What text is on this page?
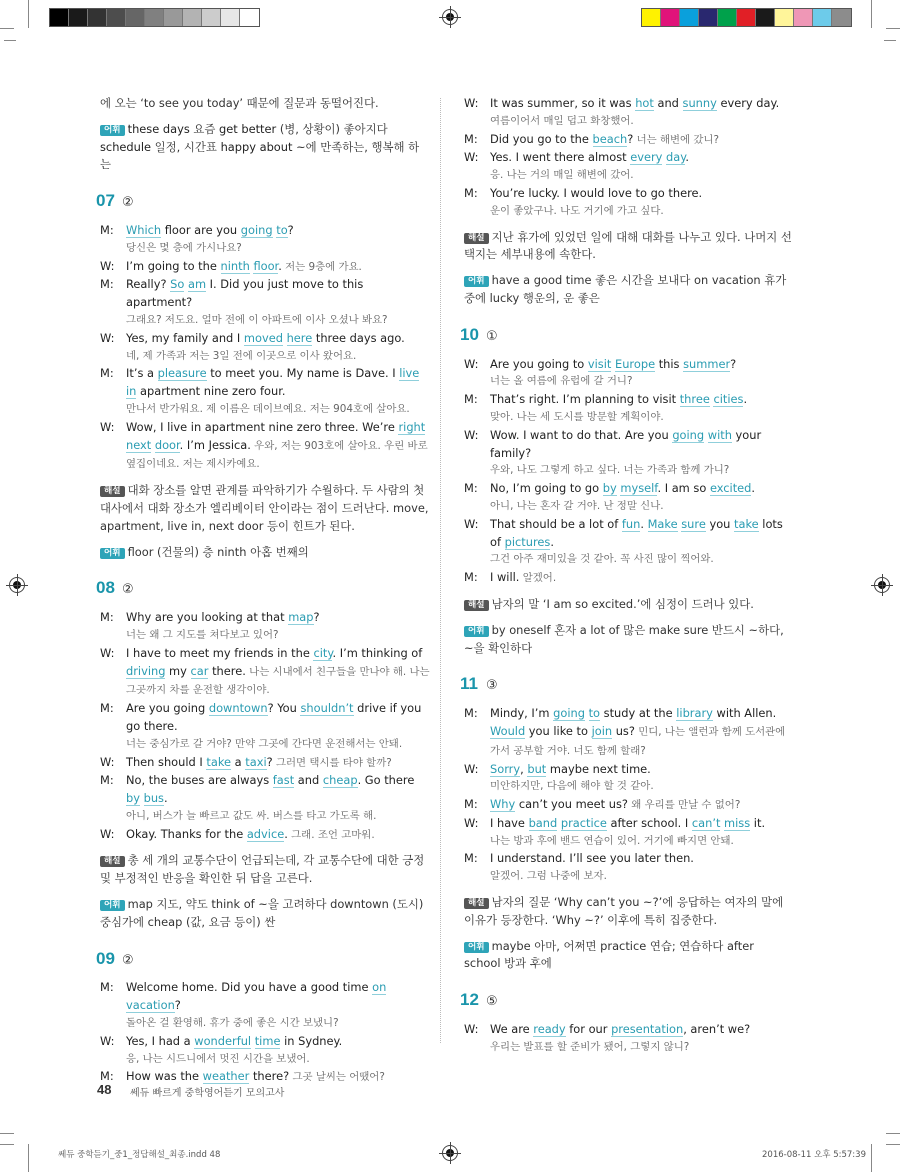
에 오는 ‘to see you today’ 때문에 질문과 동떨어진다.
어휘 these days 요즘 get better (병, 상황이) 좋아지다 schedule 일정, 시간표 happy about ~에 만족하는, 행복해 하는
07 ②
M: Which floor are you going to?
당신은 몇 층에 가시나요?
W: I’m going to the ninth floor. 저는 9층에 가요.
M: Really? So am I. Did you just move to this apartment?
그래요? 저도요. 얼마 전에 이 아파트에 이사 오셨나 봐요?
W: Yes, my family and I moved here three days ago.
네, 제 가족과 저는 3일 전에 이곳으로 이사 왔어요.
M: It’s a pleasure to meet you. My name is Dave. I live in apartment nine zero four.
만나서 반가워요. 제 이름은 데이브예요. 저는 904호에 살아요.
W: Wow, I live in apartment nine zero three. We’re right next door. I’m Jessica. 우와, 저는 903호에 살아요. 우린 바로 옆집이네요. 저는 제시카예요.
해설 대화 장소를 알면 관계를 파악하기가 수월하다. 두 사람의 첫 대사에서 대화 장소가 엘리베이터 안이라는 점이 드러난다. move, apartment, live in, next door 등이 힌트가 된다.
어휘 floor (건물의) 층 ninth 아홉 번째의
08 ②
M: Why are you looking at that map?
너는 왜 그 지도를 쳐다보고 있어?
W: I have to meet my friends in the city. I’m thinking of driving my car there. 나는 시내에서 친구들을 만나야 해. 나는 그곳까지 차를 운전할 생각이야.
M: Are you going downtown? You shouldn’t drive if you go there.
너는 중심가로 갈 거야? 만약 그곳에 간다면 운전해서는 안돼.
W: Then should I take a taxi? 그러면 택시를 타야 할까?
M: No, the buses are always fast and cheap. Go there by bus.
아니, 버스가 늘 빠르고 값도 싸. 버스를 타고 가도록 해.
W: Okay. Thanks for the advice. 그래. 조언 고마워.
해설 총 세 개의 교통수단이 언급되는데, 각 교통수단에 대한 긍정 및 부정적인 반응을 확인한 뒤 답을 고른다.
어휘 map 지도, 약도 think of ~을 고려하다 downtown (도시) 중심가에 cheap (값, 요금 등이) 싼
09 ②
M: Welcome home. Did you have a good time on vacation?
돌아온 걸 환영해. 휴가 중에 좋은 시간 보냈니?
W: Yes, I had a wonderful time in Sydney.
응, 나는 시드니에서 멋진 시간을 보냈어.
M: How was the weather there? 그곳 날씨는 어땠어?
W: It was summer, so it was hot and sunny every day.
여름이어서 매일 덥고 화창했어.
M: Did you go to the beach? 너는 해변에 갔니?
W: Yes. I went there almost every day.
응. 나는 거의 매일 해변에 갔어.
M: You’re lucky. I would love to go there.
운이 좋았구나. 나도 거기에 가고 싶다.
해설 지난 휴가에 있었던 일에 대해 대화를 나누고 있다. 나머지 선택지는 세부내용에 속한다.
어휘 have a good time 좋은 시간을 보내다 on vacation 휴가 중에 lucky 행운의, 운 좋은
10 ①
W: Are you going to visit Europe this summer?
너는 올 여름에 유럽에 갈 거니?
M: That’s right. I’m planning to visit three cities.
맞아. 나는 세 도시를 방문할 계획이야.
W: Wow. I want to do that. Are you going with your family?
우와, 나도 그렇게 하고 싶다. 너는 가족과 함께 가니?
M: No, I’m going to go by myself. I am so excited.
아니, 나는 혼자 갈 거야. 난 정말 신나.
W: That should be a lot of fun. Make sure you take lots of pictures.
그건 아주 재미있을 것 같아. 꼭 사진 많이 찍어와.
M: I will. 알겠어.
해설 남자의 말 ‘I am so excited.’에 심정이 드러나 있다.
어휘 by oneself 혼자 a lot of 많은 make sure 반드시 ~하다, ~을 확인하다
11 ③
M: Mindy, I’m going to study at the library with Allen. Would you like to join us? 민디, 나는 앨런과 함께 도서관에 가서 공부할 거야. 너도 함께 할래?
W: Sorry, but maybe next time.
미안하지만, 다음에 해야 할 것 같아.
M: Why can’t you meet us? 왜 우리를 만날 수 없어?
W: I have band practice after school. I can’t miss it.
나는 방과 후에 밴드 연습이 있어. 거기에 빠지면 안돼.
M: I understand. I’ll see you later then.
알겠어. 그럼 나중에 보자.
해설 남자의 질문 ‘Why can’t you ~?’에 응답하는 여자의 말에 이유가 등장한다. ‘Why ~?’ 이후에 특히 집중한다.
어휘 maybe 아마, 어쩌면 practice 연습; 연습하다 after school 방과 후에
12 ⑤
W: We are ready for our presentation, aren’t we?
우리는 발표를 할 준비가 됐어, 그렇지 않니?
48 쎄듀 빠르게 중학영어듣기 모의고사
쎄듀 중학듣기_중1_정답해설_최종.indd 48	2016-08-11 오후 5:57:39
